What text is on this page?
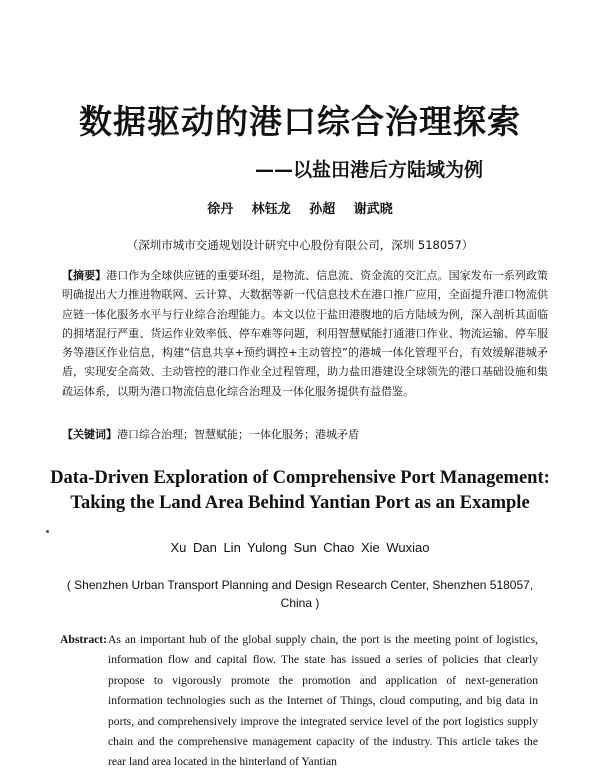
数据驱动的港口综合治理探索
——以盐田港后方陆域为例
徐丹 林钰龙 孙超 谢武晓
（深圳市城市交通规划设计研究中心股份有限公司，深圳 518057）
【摘要】港口作为全球供应链的重要环组，是物流、信息流、资金流的交汇点。国家发布一系列政策明确提出大力推进物联网、云计算、大数据等新一代信息技术在港口推广应用，全面提升港口物流供应链一体化服务水平与行业综合治理能力。本文以位于盐田港腹地的后方陆域为例，深入剖析其面临的拥堵混行严重、货运作业效率低、停车难等问题，利用智慧赋能打通港口作业、物流运输、停车服务等港区作业信息，构建“信息共享+预约调控+主动管控”的港城一体化管理平台，有效缓解港城矛盾，实现安全高效、主动管控的港口作业全过程管理，助力盐田港建设全球领先的港口基础设施和集疏运体系，以期为港口物流信息化综合治理及一体化服务提供有益借鉴。
【关键词】港口综合治理；智慧赋能；一体化服务；港城矛盾
Data-Driven Exploration of Comprehensive Port Management: Taking the Land Area Behind Yantian Port as an Example
Xu Dan Lin Yulong Sun Chao Xie Wuxiao
( Shenzhen Urban Transport Planning and Design Research Center, Shenzhen 518057, China )
Abstract: As an important hub of the global supply chain, the port is the meeting point of logistics, information flow and capital flow. The state has issued a series of policies that clearly propose to vigorously promote the promotion and application of next-generation information technologies such as the Internet of Things, cloud computing, and big data in ports, and comprehensively improve the integrated service level of the port logistics supply chain and the comprehensive management capacity of the industry. This article takes the rear land area located in the hinterland of Yantian
